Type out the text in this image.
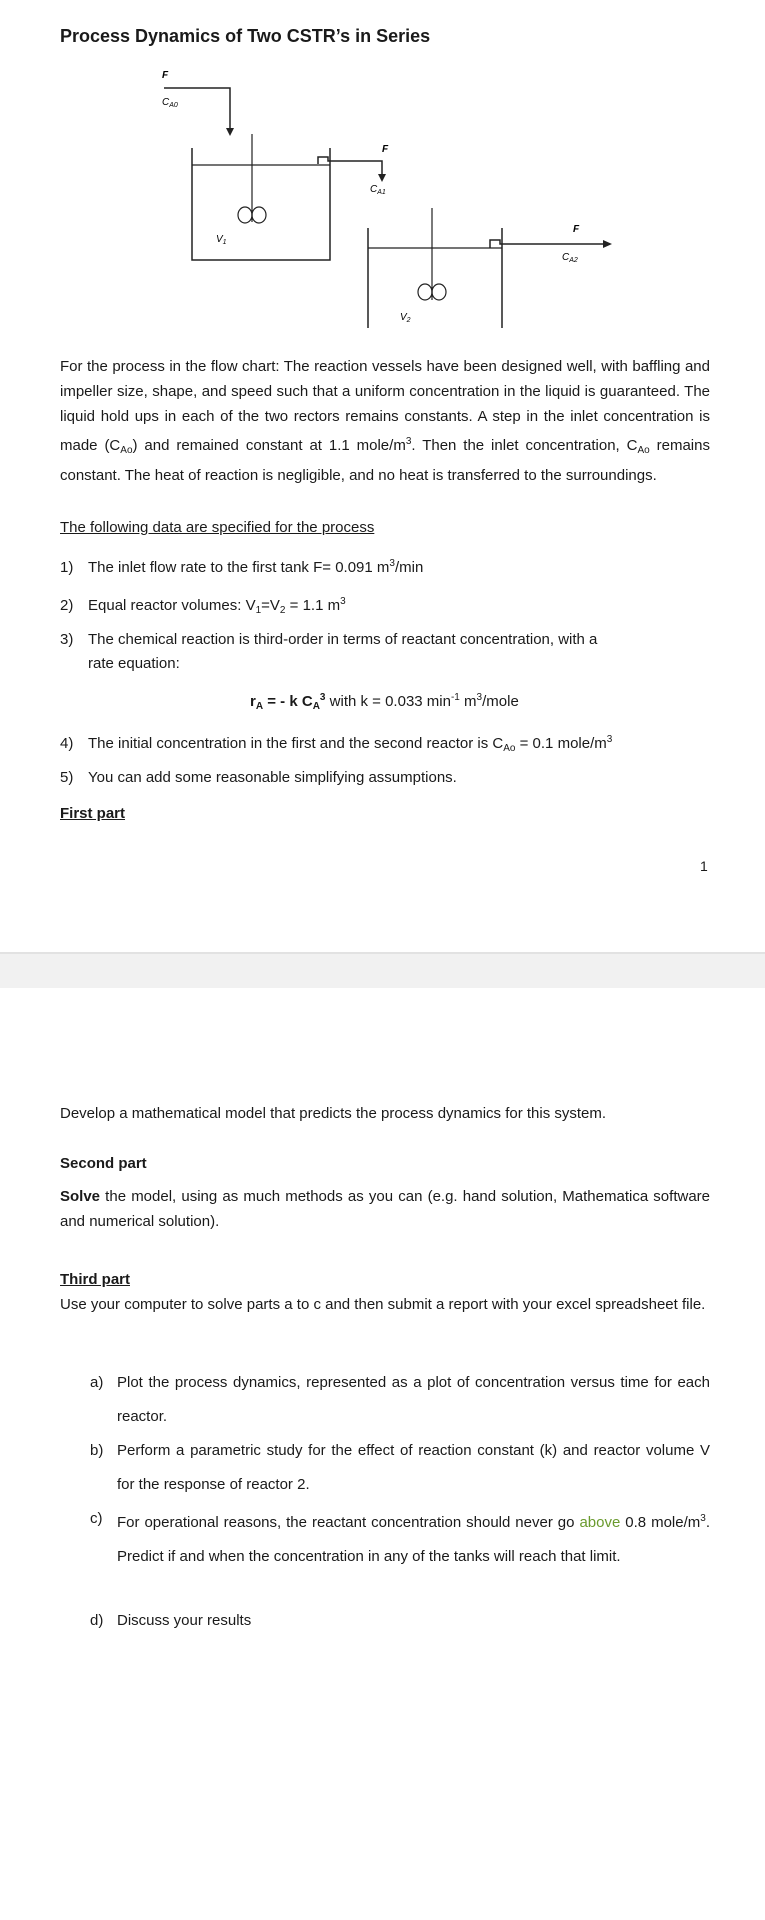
Process Dynamics of Two CSTR’s in Series
F
$C_{A0}$
F
$C_{A1}$
F
$C_{A2}$
$V_1$
$V_2$
For the process in the flow chart: The reaction vessels have been designed well, with baffling and impeller size, shape, and speed such that a uniform concentration in the liquid is guaranteed. The liquid hold ups in each of the two rectors remains constants. A step in the inlet concentration is made $(C_{Ao})$ and remained constant at 1.1 mole/$m^3$. Then the inlet concentration, $C_{Ao}$ remains constant. The heat of reaction is negligible, and no heat is transferred to the surroundings.
The following data are specified for the process
1) The inlet flow rate to the first tank F= 0.091 $m^3/\min$
2) Equal reactor volumes: $V_1=V_2 = 1.1$ $m^3$
3) The chemical reaction is third-order in terms of reactant concentration, with a
rate equation:
$r_A$ = - k $C_A^3$ with k = 0.033 $\min^{-1}$ $m^3$/mole
4) The initial concentration in the first and the second reactor is $C_{Ao} = 0.1$ mole/$m^3$
5) You can add some reasonable simplifying assumptions.
First part
1
Develop a mathematical model that predicts the process dynamics for this system.
Second part
Solve the model, using as much methods as you can (e.g. hand solution, Mathematica software and numerical solution).
Third part
Use your computer to solve parts a to c and then submit a report with your excel spreadsheet file.
a) Plot the process dynamics, represented as a plot of concentration versus time for each reactor.
b) Perform a parametric study for the effect of reaction constant (k) and reactor volume V for the response of reactor 2.
c) For operational reasons, the reactant concentration should never go above 0.8 mole/$m^3$. Predict if and when the concentration in any of the tanks will reach that limit.
d) Discuss your results
